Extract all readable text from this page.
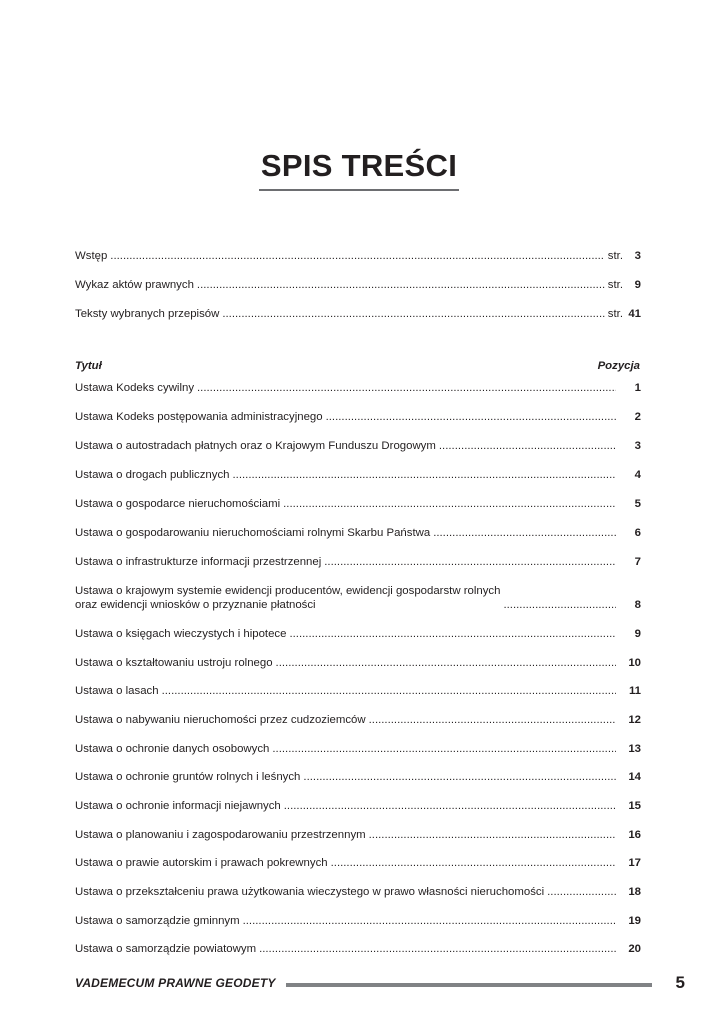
SPIS TREŚCI
Wstęp .....	str.	3
Wykaz aktów prawnych .....	str.	9
Teksty wybranych przepisów .....	str. 41
Tytuł	Pozycja
Ustawa Kodeks cywilny .....	1
Ustawa Kodeks postępowania administracyjnego .....	2
Ustawa o autostradach płatnych oraz o Krajowym Funduszu Drogowym .....	3
Ustawa o drogach publicznych .....	4
Ustawa o gospodarce nieruchomościami .....	5
Ustawa o gospodarowaniu nieruchomościami rolnymi Skarbu Państwa .....	6
Ustawa o infrastrukturze informacji przestrzennej .....	7
Ustawa o krajowym systemie ewidencji producentów, ewidencji gospodarstw rolnych
oraz ewidencji wniosków o przyznanie płatności .....	8
Ustawa o księgach wieczystych i hipotece .....	9
Ustawa o kształtowaniu ustroju rolnego .....	10
Ustawa o lasach .....	11
Ustawa o nabywaniu nieruchomości przez cudzoziemców .....	12
Ustawa o ochronie danych osobowych .....	13
Ustawa o ochronie gruntów rolnych i leśnych .....	14
Ustawa o ochronie informacji niejawnych .....	15
Ustawa o planowaniu i zagospodarowaniu przestrzennym .....	16
Ustawa o prawie autorskim i prawach pokrewnych .....	17
Ustawa o przekształceniu prawa użytkowania wieczystego w prawo własności nieruchomości .....	18
Ustawa o samorządzie gminnym .....	19
Ustawa o samorządzie powiatowym .....	20
VADEMECUM PRAWNE GEODETY	5
